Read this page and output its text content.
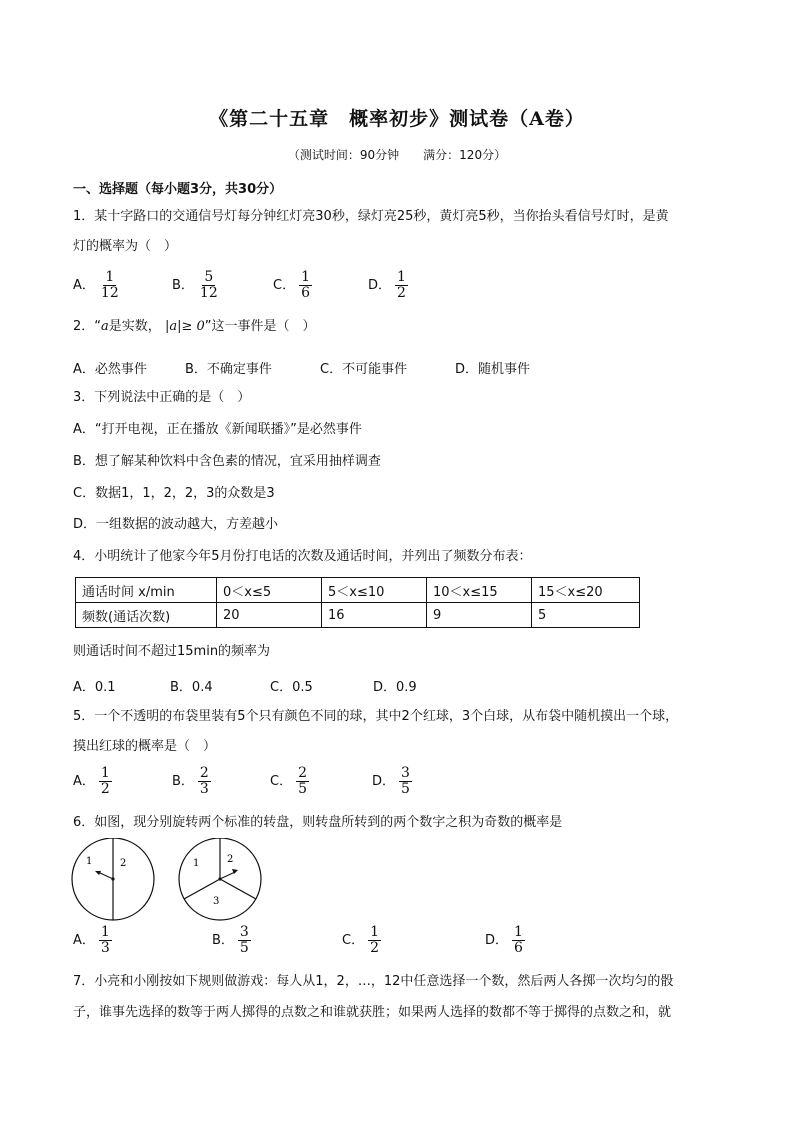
《第二十五章　概率初步》测试卷（A卷）
（测试时间：90分钟　　满分：120分）
一、选择题（每小题3分，共30分）
1．某十字路口的交通信号灯每分钟红灯亮30秒，绿灯亮25秒，黄灯亮5秒，当你抬头看信号灯时，是黄
灯的概率为（　）
A． $\frac{1}{12}$	B． $\frac{5}{12}$	C． $\frac{1}{6}$	D． $\frac{1}{2}$
2．“a是实数， |a|≥ 0”这一事件是（　）
A．必然事件	B．不确定事件	C．不可能事件	D．随机事件
3．下列说法中正确的是（　）
A．“打开电视，正在播放《新闻联播》”是必然事件
B．想了解某种饮料中含色素的情况，宜采用抽样调查
C．数据1，1，2，2，3的众数是3
D．一组数据的波动越大，方差越小
4．小明统计了他家今年5月份打电话的次数及通话时间，并列出了频数分布表：
通话时间 x/min	0＜x≤5	5＜x≤10	10＜x≤15	15＜x≤20
频数(通话次数)	20	16	9	5
则通话时间不超过15min的频率为
A．0.1	B．0.4	C．0.5	D．0.9
5．一个不透明的布袋里装有5个只有颜色不同的球，其中2个红球，3个白球，从布袋中随机摸出一个球，
摸出红球的概率是（　）
A． $\frac{1}{2}$	B． $\frac{2}{3}$	C． $\frac{2}{5}$	D． $\frac{3}{5}$
6．如图，现分别旋转两个标准的转盘，则转盘所转到的两个数字之积为奇数的概率是
1	2	1	2
3
A． $\frac{1}{3}$	B． $\frac{3}{5}$	C． $\frac{1}{2}$	D． $\frac{1}{6}$
7．小亮和小刚按如下规则做游戏：每人从1，2，…，12中任意选择一个数，然后两人各掷一次均匀的骰
子，谁事先选择的数等于两人掷得的点数之和谁就获胜；如果两人选择的数都不等于掷得的点数之和，就
